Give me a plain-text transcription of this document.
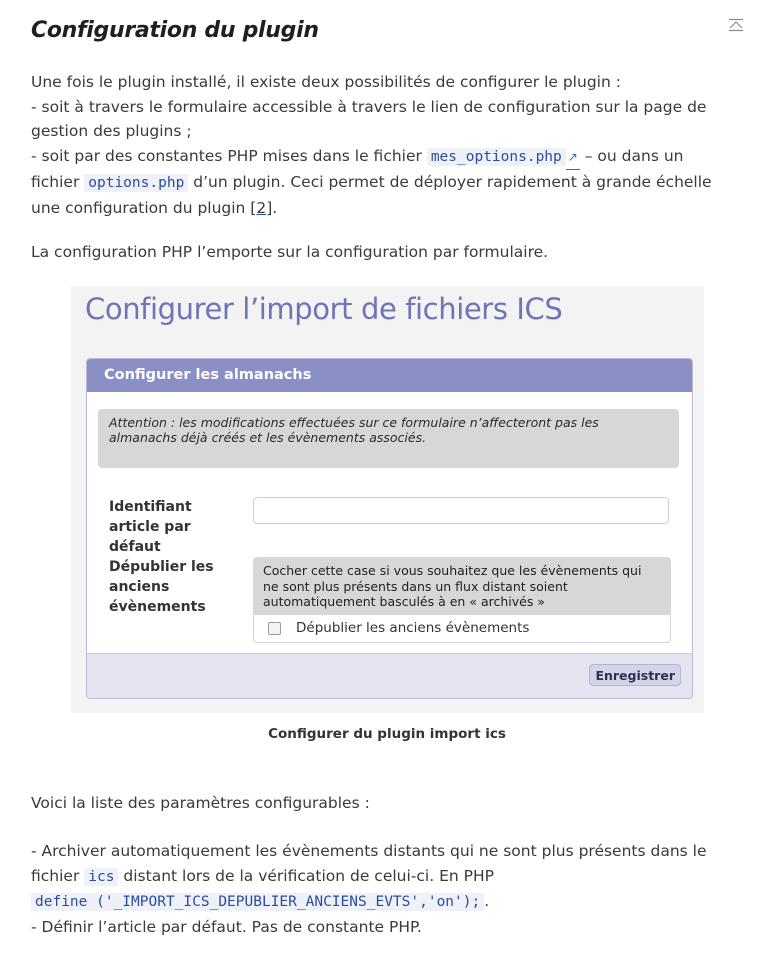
Configuration du plugin
Une fois le plugin installé, il existe deux possibilités de configurer le plugin :
- soit à travers le formulaire accessible à travers le lien de configuration sur la page de
gestion des plugins ;
- soit par des constantes PHP mises dans le fichier mes_options.php ↗ – ou dans un
fichier options.php d’un plugin. Ceci permet de déployer rapidement à grande échelle
une configuration du plugin [2].
La configuration PHP l’emporte sur la configuration par formulaire.
Configurer l’import de fichiers ICS
Configurer les almanachs
Attention : les modifications effectuées sur ce formulaire n’affecteront pas les almanachs déjà créés et les évènements associés.
Identifiant article par défaut
Dépublier les anciens évènements
Cocher cette case si vous souhaitez que les évènements qui ne sont plus présents dans un flux distant soient automatiquement basculés à en « archivés »
Dépublier les anciens évènements
Enregistrer
Configurer du plugin import ics
Voici la liste des paramètres configurables :
- Archiver automatiquement les évènements distants qui ne sont plus présents dans le
fichier ics distant lors de la vérification de celui-ci. En PHP
define ('_IMPORT_ICS_DEPUBLIER_ANCIENS_EVTS','on'); .
- Définir l’article par défaut. Pas de constante PHP.
